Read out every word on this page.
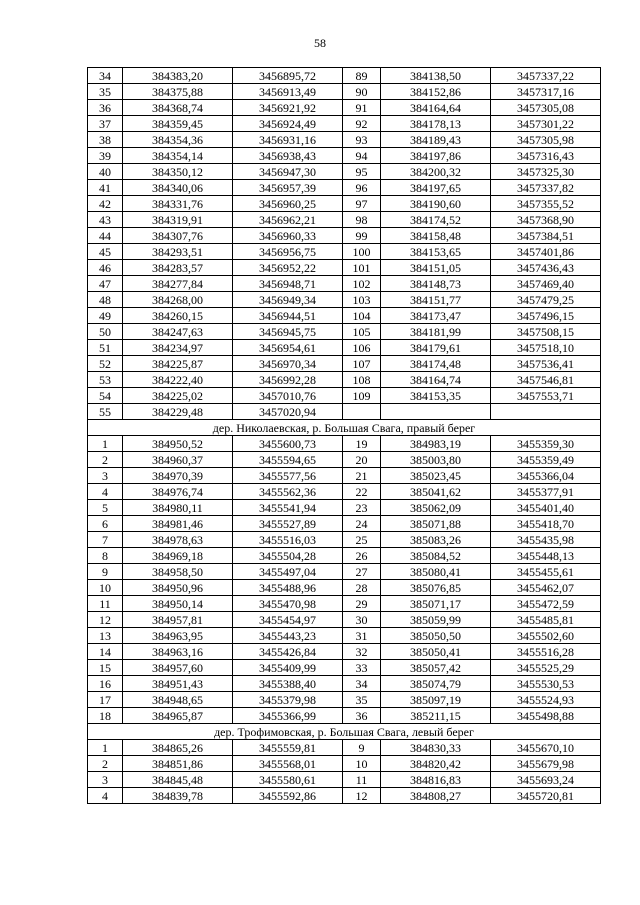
58
34	384383,20	3456895,72	89	384138,50	3457337,22
35	384375,88	3456913,49	90	384152,86	3457317,16
36	384368,74	3456921,92	91	384164,64	3457305,08
37	384359,45	3456924,49	92	384178,13	3457301,22
38	384354,36	3456931,16	93	384189,43	3457305,98
39	384354,14	3456938,43	94	384197,86	3457316,43
40	384350,12	3456947,30	95	384200,32	3457325,30
41	384340,06	3456957,39	96	384197,65	3457337,82
42	384331,76	3456960,25	97	384190,60	3457355,52
43	384319,91	3456962,21	98	384174,52	3457368,90
44	384307,76	3456960,33	99	384158,48	3457384,51
45	384293,51	3456956,75	100	384153,65	3457401,86
46	384283,57	3456952,22	101	384151,05	3457436,43
47	384277,84	3456948,71	102	384148,73	3457469,40
48	384268,00	3456949,34	103	384151,77	3457479,25
49	384260,15	3456944,51	104	384173,47	3457496,15
50	384247,63	3456945,75	105	384181,99	3457508,15
51	384234,97	3456954,61	106	384179,61	3457518,10
52	384225,87	3456970,34	107	384174,48	3457536,41
53	384222,40	3456992,28	108	384164,74	3457546,81
54	384225,02	3457010,76	109	384153,35	3457553,71
55	384229,48	3457020,94			
дер. Николаевская, р. Большая Свага, правый берег					
1	384950,52	3455600,73	19	384983,19	3455359,30
2	384960,37	3455594,65	20	385003,80	3455359,49
3	384970,39	3455577,56	21	385023,45	3455366,04
4	384976,74	3455562,36	22	385041,62	3455377,91
5	384980,11	3455541,94	23	385062,09	3455401,40
6	384981,46	3455527,89	24	385071,88	3455418,70
7	384978,63	3455516,03	25	385083,26	3455435,98
8	384969,18	3455504,28	26	385084,52	3455448,13
9	384958,50	3455497,04	27	385080,41	3455455,61
10	384950,96	3455488,96	28	385076,85	3455462,07
11	384950,14	3455470,98	29	385071,17	3455472,59
12	384957,81	3455454,97	30	385059,99	3455485,81
13	384963,95	3455443,23	31	385050,50	3455502,60
14	384963,16	3455426,84	32	385050,41	3455516,28
15	384957,60	3455409,99	33	385057,42	3455525,29
16	384951,43	3455388,40	34	385074,79	3455530,53
17	384948,65	3455379,98	35	385097,19	3455524,93
18	384965,87	3455366,99	36	385211,15	3455498,88
дер. Трофимовская, р. Большая Свага, левый берег					
1	384865,26	3455559,81	9	384830,33	3455670,10
2	384851,86	3455568,01	10	384820,42	3455679,98
3	384845,48	3455580,61	11	384816,83	3455693,24
4	384839,78	3455592,86	12	384808,27	3455720,81
